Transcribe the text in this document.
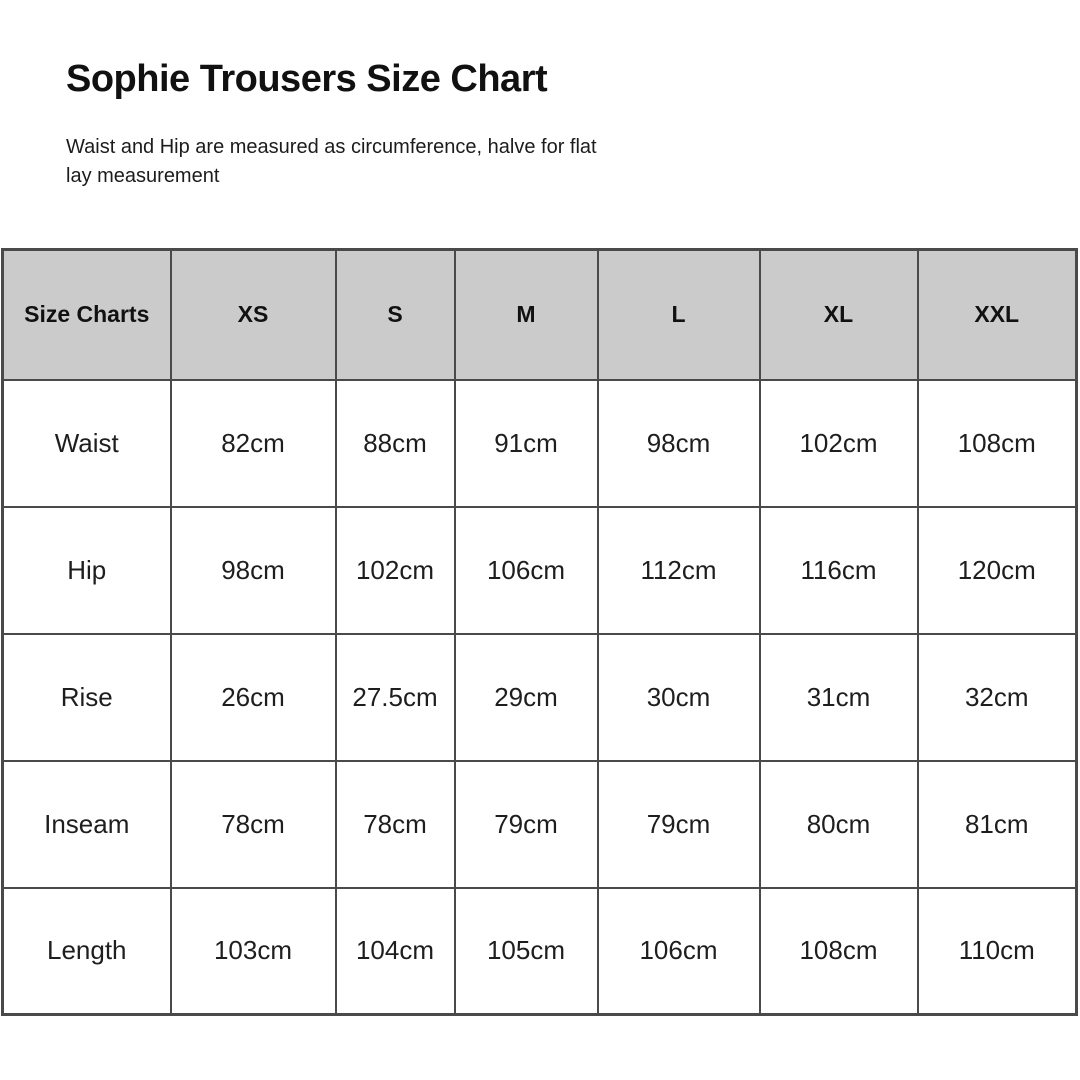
Sophie Trousers Size Chart

Waist and Hip are measured as circumference, halve for flat lay measurement

Size Charts	XS	S	M	L	XL	XXL
Waist	82cm	88cm	91cm	98cm	102cm	108cm
Hip	98cm	102cm	106cm	112cm	116cm	120cm
Rise	26cm	27.5cm	29cm	30cm	31cm	32cm
Inseam	78cm	78cm	79cm	79cm	80cm	81cm
Length	103cm	104cm	105cm	106cm	108cm	110cm
